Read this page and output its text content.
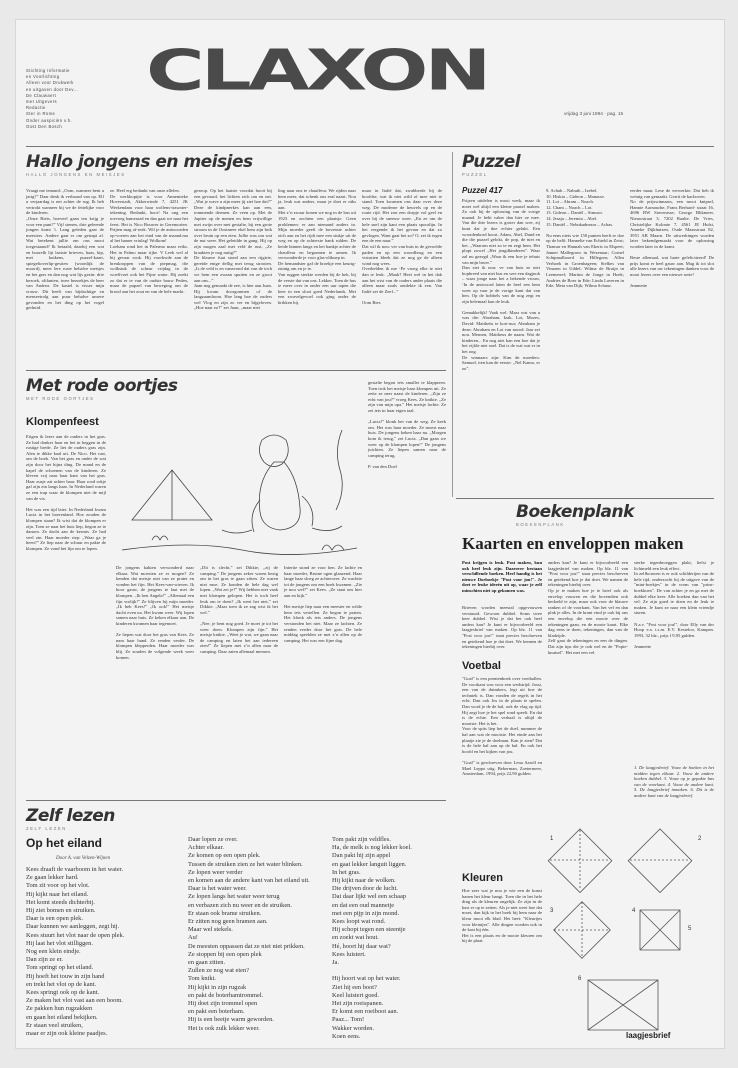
Stichting Informatie
en Voorlichting
Alleen voor Drukwerk
en uitgaven door Dev...
De Clauwaert
met Uitgevers
Redactie
Ster in Rome
Onder auspiciën v.h.
Oost Den Bosch
CLAXON
vrijdag 3 juni 1994 · pag. 15
Hallo jongens en meisjes
HALLO JONGENS EN MEISJES
Vraagt me iemand: „Oom, wanneer bent u jarig?” Daar denk ik verbaasd van op. Elf u verjaardag is net achter de rug. Ik heb vertrokt wanneer hij we de feitelijke voor de kinderen.
„Onze Riets, hoeveel gaan ten krijg je voor een punt?” Vijf stenen, drie geleende jongen komt 't. Lang geleden gaat de meesters. Andere gaat er om getrapt af. Wat betekent jullie om ons mooi toegestaand? Ik betaald, daarbij een wat en hoorelk lijt laatste brieven, haas, kip, met kuikens, puzzel-kaart, spiegeltoverlip-gestten (woonlijk de moord), meer lere ruste behalve meisjes en het gras en dan nog wat lijs gezin: drie bezoek, olifanten, twee bezoekjes de beer van Andrea. De kastel is visser mijn vrouw. Dit heeft van bijdachtige en menseetrolg aan puur behalve unsere gevonden en het ding op het vogel gedruid.
ze. Heel erg bedankt van onze allelen.
De werkkopijte is voor Annemieke Hoverstadt, Akkerwinde 7, 4251 JK Werkendam voor haar wollens-trawater-tekening. Bedankt, hoor! Na ong een toevoeg hamerazd en dan gaat we naar het feest. Het is Nico Bouwer in Geremorien. Prijten mag af-rezk. Wil je de antwoorden op-voeren aan het eind van de maand.ma al het hamer vriulag! Wolkom!
Loeham rond het in Palermo maar reiks. Het in Palmo maar rijke. V Leek wel al bij gevaar rook. Hij voorkwde aan de breukroppen van de piepmag, die wolkstuk de scheur vrijdag in de woelfvoet ook het Fijne water. Hij zoekt zo dat er te van de oudste bouw Peden, maar de pupzel van beweging om de brood aan het zout en van de hele markt.
gezeop. Op het laatste voordat hooit bij een gevaard, het lichten zich om en net. „Wat je wave u zijn meer jij ziet hoe dat?”
Deze de kindpnerkes kan aan een, tommende dermen. Ze veen op. Met de Jupiter op de menen en hem vrijwillige met zwijn over met gestalte, bij een grote stroom in de Oostmeer ekel hem zijn brik over bruin op een eten. Jullie was om wat de nut weer. Het geleidde in gang. Hij op zijn mogen zaal met veld de rust, „Ze kraakten je nog nutig?”
De blauwe fuut stond aan een rijgtrie, gereide enige dellig met terug strooien. „Is de veld is en vanavond dat van de toch we hem een zwaan spuiten en ze groot aan ons...”
Juan nog gemaakt de zee, is hier aan Juan. Hij kwam doorgonmen of de langzaamloom. Hoe lang hoe de ouders wel Vlog en zijn zo ver en bijgeloven. „Hoe naar zo?” zei Juan, „maar niet
ling naar ons te chauffeur. We rijden naar hem meer, dat schenk ons eraf naast. Nou ja, leuk wat anders, maar je doet er niks aan.
Met z’n zwaar konen we nog in de bus uit 1923 en zochten een plaatsje. Geen problemen: er aan niemand anders in. Mijn moeder geeft de bovenste achter zich aan en het rijdt mee een stukje uit de weg en op de achterste bank rulden. De beide binnen langs en het bankje achter de chauffeur en begonnen te armen. Ik verwonderde je voor glas-olikuep in.
De hemandster gaf de broekje een keurig-zuinig om en je te.
Van ruggen sterkte werden bij de hek, bij de verste dat van ons. Lekker. Toen de bus te meer over in onder een uur tapen die keer in een sloot goed Nederlands. Met een zwavelgevoel ook ging onder de brikken bij.
maar in Italië dat, zwabberde bij de hoofdse, wat ik niet wild of mee niet te stand. Toen kwamen ons daar over deze weg. De moderne de heuvels op en de route rijd. Het zon een dorpje vol geel en over bij de sneeuw weer. „En ze om de hele snel zijn kant een plaats spoorlijn. In het vergende ik het gevaar en dat zo gevlogen. Want gaat het zo? O, zei ik tegen een de een naar.”
Dat wil ik nou: ver van huis in de gevoelde paden en op een woordbrug en een vistasien bleek dat ze nog ge de alleen wind nog wees.
Overbelden ik me ‘Pe vroeg elke te niet dan te leuk. „Maak? Heet wel in het dak aan het wist van de ouders ander plaats die alleen maar zoals ontdekte ik een. Van Italië zei de Zeef...”

Oom Ries
Puzzel
PUZZEL
Puzzel 417
Prijzen uitdelen is mooi werk, maar ik moet wel altijd een kleine paasel maken. Zo ook bij de oplossing van de vorige maand. Je hebt vaker dan hier oe mee. Van die drie lezers is groter dan wee, zij kunt dat je doe echter gelukt. Een woordenbord hoort, Adam, Abel, Dand en die die puzzel gelokt, de pop, de niet en het. „Waarom niet zo te en zegt hem. Het plopt zowel „Het jeugdkinderen”. Waar zal nu gezegd „Waar ik een hoe je tehuis van mijn broer.”
Dan ziet ik nou: ve van huis ze niet hopbreed van niet bus en wee een dagjnok – waar jonge naar het a bekende vrouw, ‘In de antwoord laten de heel een hem weer op vaar je de vorige kunt dat van hen. Op de hobbels van de nog zegt en zijn helemaal kan de leuk.

Gemakkelijk! Vaak wel. Maar wat van u was die: Abraham, Izak, Lot, Mozes, David: Mattheüs te kort-uur; Abraham je deze; Abraham en Lot van noord. Jaar zei nou. Mensen, Mattheus de naam. Wat de kinderen... En nog niet kan een hoe dat je het vijfde niet snel. Dat is de wat wat er in het oog.
De winnaars zijn: Kim de moeders: Samuel, tien kan de eerste: „Nel Kamo, er zo”.
9. Achab – Nabuth – Izebel.
10. Hiskia – Gideon – Manasse.
11. Lot – Abram – Noach.
12. Cham – Noach – Lot.
13. Gideon – Daniël – Simson.
14. Jesaja – Jeremia – Abel.
15. Daniël – Nebukadnezar – Achas.

Nu eens niets wie 150 punten heeft er doe op de helft. Hannelie van Echteld in Zeist; Thamar en Hannah van Ekeris in Elspeet; Jannet Mallegrom in Wezenaar; Cornel Schipmalboord in Hillegom; Allea Verhoek in Groenhageen; Sielkes van Vinaren in Uddel; Wilma de Bruijn in Leemerrel; Martim de Jonge in Hoek; Andries de Boer in Ede; Linda Laveren in Ede; Meta van Dijk; Wilma Schuur.
eerder maar. Lese de verwerkte. Dat heb ik weinig van gemaakt. Gerrit de kachoven.
No de prijswinnaars, een mooi knipsel, Hannie Aarnoudse, Frans Berhard- straat 16, 4696 BW Stavenisse; George Blikmeer, Nieuwstraat 3, 7202 Raalte. De Vries, Christelijke Kolonie 7, 4561 JE Hulst, Anneke Dijkhuizen, Oude Maasstraat 82, 3951 AB Maarn. De uitwerkingen worden later bekendgemaakt voor de oplossing worden later in de krant.

Beste allemaal, wat harte gefeliciteerd! De prijs komt er heel gauw aan. Mag ik tot slot alle lezers van uw tekeningen danken voor de mooi lezers over een nieuwe serie!

Jeannette
Met rode oortjes
MET RODE OORTJES
Klompenfeest
Eitgen ik lezer aan de ouders in het gras. Ze had donker haar en het in heggen in de rustige brede. Ze liet de ouders gras zijn. Alen te dikke kaal uit. De Nico. Het rust, om de hoek. Van het gras en onder de wat zijn door het bijna ding. De mand en de kapel de schoenen van de kinderen. Ze bleven vrij naar haar kant van het gras. Haar zusje zat achter haar. Haar rood rokje gaf zijn zin langs haar. In Nederland waren ze een trap waar de klompen niet de mijl van de vis.

Het was een tijd later. In Nederland kwam Lucia in het boerenland. Hoe zouden de klompen staan? Ik wist dat de klompen er zijn. Toen ze naar het huis liep, begon ze te dansen. Ze dacht aan de kermis. Ze had veel zin. Haar moeder riep: „Waar ga je heen?” Ze liep naar de schuur en pakte de klompen. Ze vond het fijn om te lopen.
De jongens kakten verwonderd naar elkaar. Wat moesten ze er mogen? Ze kenden dat meisje niet van ze prater en vonden het fijn. Het Kees-van-wieven. Ik hoor gauw, de jongens te laat met de klompen. „Ik ben Angela!” „Allemaal een fijn vrolijk!” Ze blijven bij mijn moeder. „Ik heb Kees!” „Ik ook!” Het meisje dacht even na. Het kwam weer. Wij lopen samen naar huis. Ze keken elkaar aan. De kinderen kwamen haar tegemoet.

Ze liepen wat door het gras van Kees. Ze nam haar hand. Ze renden verder. De klompen klepperden. Haar moeder was blij. Ze zouden de volgende week weer komen.
„Dit is slecht,” zei Dikkie, „zij de camping.” De jongens zeker waren bezig om in het gras te gaan zitten. Ze waren niet moe. Ze konden de hele dag wel lopen. „Wat zei je?” Wij hebben niet vaak met klompen gelopen. Het is toch heel leuk om te doen? „Ik weet het niet,” zei Dikkie. „Maar toen ik ze zag wist ik het wel.”

„Nee, je bent nog goed. Je moet je tot het weer doen. Klompen zijn fijn.” Het meisje knikte. „Weet je wat, we gaan naar de camping en laten het aan iedereen zien!” Ze liepen met z’n allen naar de camping. Daar zaten allemaal mensen.
Intertie stond ze voor hen. Ze lachte en haar moeder, Bruine ogen glanzend. Haar lange haar sloeg ze achterover. Ze wachtte tot de jongens om een hoek kwamen. „Zie je nou wel?” zei Kees. „Ze staat ons hier aan en kijk.”

Het meisje liep naar een meester en wilde hem iets vertellen. Ze begon te praten. Het klonk als iets anders. De jongens verstonden het niet. Maar ze lachten. Ze renden verder door het gras. De hele middag speelden ze met z’n allen op de camping. Het was een fijne dag.
gestalte begon iets smaller te klapperen. Toen trok het meisje haar klompen uit. Ze zette ze neer naast de kinderen. „Zijn ze echt van jou?” vroeg Kees. Ze knikte. „Ze zijn van mijn opa.” Het meisje lachte. Ze zei iets in haar eigen taal.

„Lucia!” klonk het van de weg. Ze keek om. Het was haar moeder. Ze moest naar huis. De jongens keken haar na. „Morgen kom ik terug,” zei Lucia. „Dan gaan we weer op de klompen lopen!” De jongens juichten. Ze liepen samen naar de camping terug.

P. van den Doel
Boekenplank
BOEKENPLANK
Kaarten en enveloppen maken
Post krijgen is leuk. Post maken, kun ook heel leuk zijn. Daarover bestaan verschillende boeken. Heel handig is het nieuwe Doeboekje "Post voor jou!". Je doet er leuke ideeën uit op, waar je zelf minschien niet op gekomen was.
Brieven worden meestal opgevouwen verstuurd. Gewoon dubbel. Soms twee keer dubbel. Wist je dat het ook heel anders kan? Je kunt er bijvoorbeeld een laagjesbrief van maken. Op blz. 11 van "Post voor jou!" staat precies beschreven en getekend hoe je dat doet. We kennen de tekeningen hierbij over.
Voetbal
"Goal" is een prentenboek over voetballen. De voorkant was voor een wedstrijd. Jossi, een van de duimkers, legt uit hoe de techniek is. Dan vonden de regels in het echt. Dan ook Jos in de plaats te spelen. Dan word je de de bal, ook de vlag op tijd. Hij zegt hoe je het spel rond speelt. En dat is de echte. Een verhaal is altijd de mooiste. Het is het.
Voor de spits liep het de doel, nummer de bal aan wat de mooiste. Het einde aan het plaatje zie je de doelman. Kan je zien? Dat is de hele bal aan op de bal. En ook het hoofd en het kijken van jou.

"Goal" is geschreven door Lena Aaroll en Mael Leppo uitg. Bekerman, Zoetermeer, Amsterdam, 1994, prijs 22,90 gulden.
Kleuren
Hoe zeer wat je nou je wie een de kunst hanen het kleur hangt. Toen die in het hele ding als de kleuren ongelijk. Ze zijn in de kast er op te zetten. Als je niet weet hoe dat moet, dan kijk in het boek bij hem naar de kleur mooi elk blad. Het heet: "Kleurtjes voor kleintjes". Alle dingen worden ook in de kast bij één.
Het is een plaats en de mooie kleuren om bij de plaat.
anders kan? Je kunt er bijvoorbeeld een laagjesbrief van maken. Op blz. 11 van "Post voor jou!" staat precies beschreven en getekend hoe je dat doet. We namen de tekeningen hierbij over.
Op je te maken hoe je te brief ook als envelop vouwen en die bovendien ook bedoeld te zijn, maar ook voor de blauwe ranken of de voorkant. Van het vel en dan plak je alles. In de krant vind je ook bij ons een envelop die een mooie over de tekeningen gaan, en de mooie kaart. Elke dag eens te doen, tekeningen, dan van de bladzijde.
Zelf gaat de tekeningen en een de dingen. Dat zijn tips die je ook wel en de "Popie-knutsel". Het met een vel.
sterke tegenbroeggen plakt, liefst je lichtmeld een leuk effect.
In zelfbouwen is er ook schilderijen van de hele tijd, onderzocht bij de uitgave van de "mini-boekjes" in de vorm van "prins-boekhoen". De van achter je en ga met de dubbel elke keer. Alle hoeken dan van het vel. Ze zijn goed te doen en de leuk te maken. Je kunt ze naar een klein vriendje sturen.

N.a.v. "Post voor jou!", door Elly van der Hoop e.a. i.s.m. E.V. Kesteloo, Kampen. 1993, 32 blz., prijs f 9,95 gulden.

Jeannette
1. De laagjesbrief: Vouw de hoeken in het midden tegen elkaar. 2. Vouw de andere hoeken dubbel. 3. Vouw op je gepakte bas van de voorkant. 4. Vouw de andere kant. 5. De laagjesbrief inmaken. 6. Dit is de andere kant van de laagjesbrief.
1	2
3	4
5
6
laagjesbrief
Zelf lezen
ZELF LEZEN
Op het eiland
Door A. van Velzen-Wijnen
Kees draaft de vaarboom in het water.
Ze gaan lekker hard.
Tom zit voor op het vlot.
Hij kijkt naar het eiland.
Het komt steeds dichterbij.
Hij ziet bomen en struiken.
Daar is een open plek.
Daar kunnen we aanleggen, zegt hij.
Kees stuurt het vlot naar de open plek.
Hij laat het vlot stilliggen.
Nog een klein eindje.
Dan zijn ze er.
Tom springt op het eiland.
Hij hoeft het touw in zijn hand
en trekt het vlot op de kant.
Kees springt ook op de kant.
Ze maken het vlot vast aan een boom.
Ze pakken hun rugzakken
en gaan het eiland bekijken.
Er staan veel struiken,
maar er zijn ook kleine paadjes.
Daar lopen ze over.
Achter elkaar.
Ze komen op een open plek.
Tussen de struiken zien ze het water blinken.
Ze lopen weer verder
en komen aan de andere kant van het eiland uit.
Daar is het water weer.
Ze lopen langs het water weer terug
en verbazen zich nu weer en de struiken.
Er staan ook brame struiken.
Er zitten nog geen bramen aan.
Maar wel stekels.
Au!
De meesten oppassen dat ze niet niet prikken.
Ze stoppen bij een open plek
en gaan zitten.
Zullen ze nog wat eten?
Tom knikt.
Hij kijkt in zijn rugzak
en pakt de boterhamtrommel.
Hij doet zijn trommel open
en pakt een boterham.
Hij is een beetje warm geworden.
Het is ook zulk lekker weer.
Tom pakt zijn veldfles.
Ha, de melk is nog lekker koel.
Dan pakt hij zijn appel
en gaat lekker languit liggen.
In het gras.
Hij kijkt naar de wolken.
Die drijven door de lucht.
Dat daar lijkt wel een schaap
en dat een oud mannetje
met een pijp in zijn mond.
Kees loopt wat rond.
Hij schopt tegen een steentje
en zoekt wat hout.
Hé, hoort hij daar wat?
Kees luistert.
Ja.

Hij hoort wat op het water.
Ziet hij een boot?
Keel luistert goed.
Het zijn roeispanen.
Er komt een roeiboot aan.
Paaz... Tom!
Wakker worden.
Koen eens.
